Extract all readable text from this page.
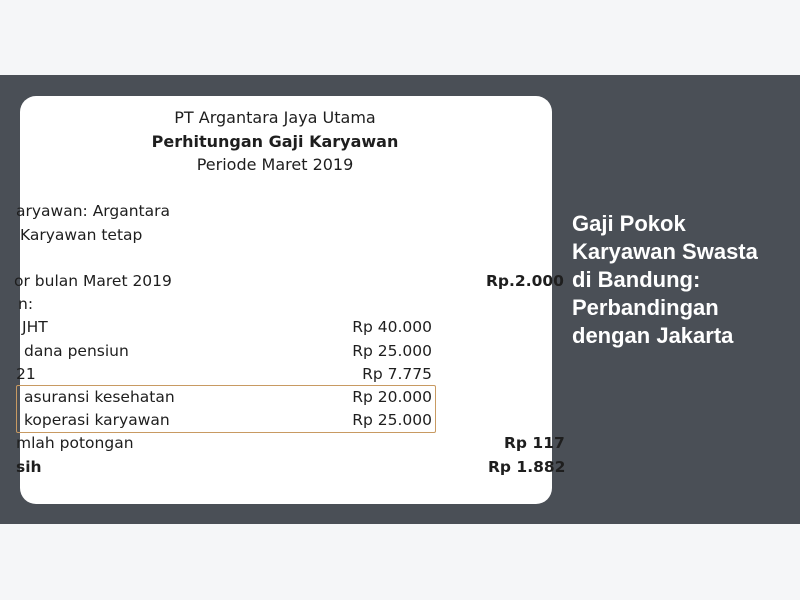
PT Argantara Jaya Utama
Perhitungan Gaji Karyawan
Periode Maret 2019
aryawan: Argantara
Karyawan tetap
or bulan Maret 2019	Rp.2.000
n:
JHT	Rp 40.000
dana pensiun	Rp 25.000
21	Rp 7.775
asuransi kesehatan	Rp 20.000
koperasi karyawan	Rp 25.000
mlah potongan	Rp 117
sih	Rp 1.882
Gaji Pokok Karyawan Swasta di Bandung: Perbandingan dengan Jakarta
